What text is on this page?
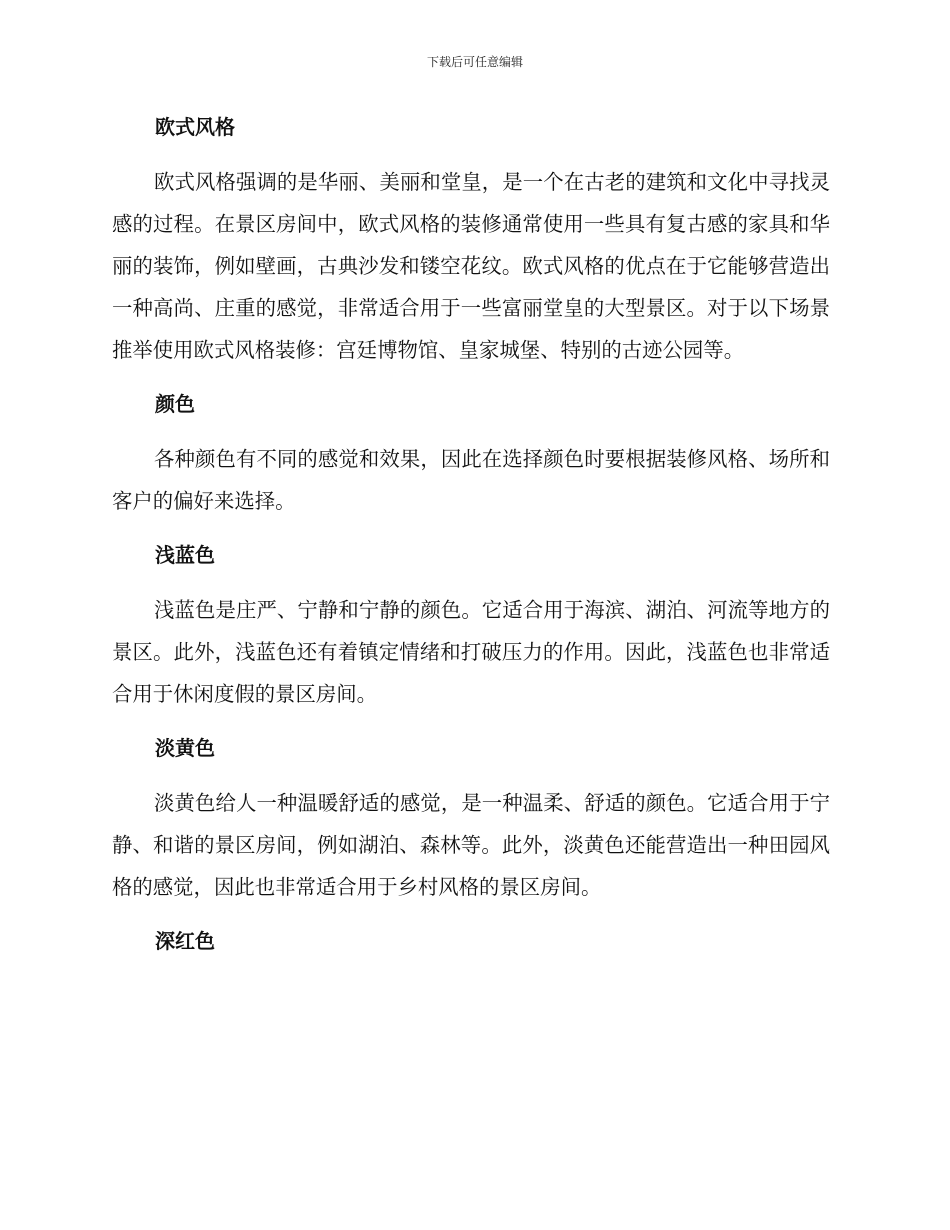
下载后可任意编辑
欧式风格

欧式风格强调的是华丽、美丽和堂皇，是一个在古老的建筑和文化中寻找灵感的过程。在景区房间中，欧式风格的装修通常使用一些具有复古感的家具和华丽的装饰，例如壁画，古典沙发和镂空花纹。欧式风格的优点在于它能够营造出一种高尚、庄重的感觉，非常适合用于一些富丽堂皇的大型景区。对于以下场景推举使用欧式风格装修：宫廷博物馆、皇家城堡、特别的古迹公园等。

颜色

各种颜色有不同的感觉和效果，因此在选择颜色时要根据装修风格、场所和客户的偏好来选择。

浅蓝色

浅蓝色是庄严、宁静和宁静的颜色。它适合用于海滨、湖泊、河流等地方的景区。此外，浅蓝色还有着镇定情绪和打破压力的作用。因此，浅蓝色也非常适合用于休闲度假的景区房间。

淡黄色

淡黄色给人一种温暖舒适的感觉，是一种温柔、舒适的颜色。它适合用于宁静、和谐的景区房间，例如湖泊、森林等。此外，淡黄色还能营造出一种田园风格的感觉，因此也非常适合用于乡村风格的景区房间。

深红色
